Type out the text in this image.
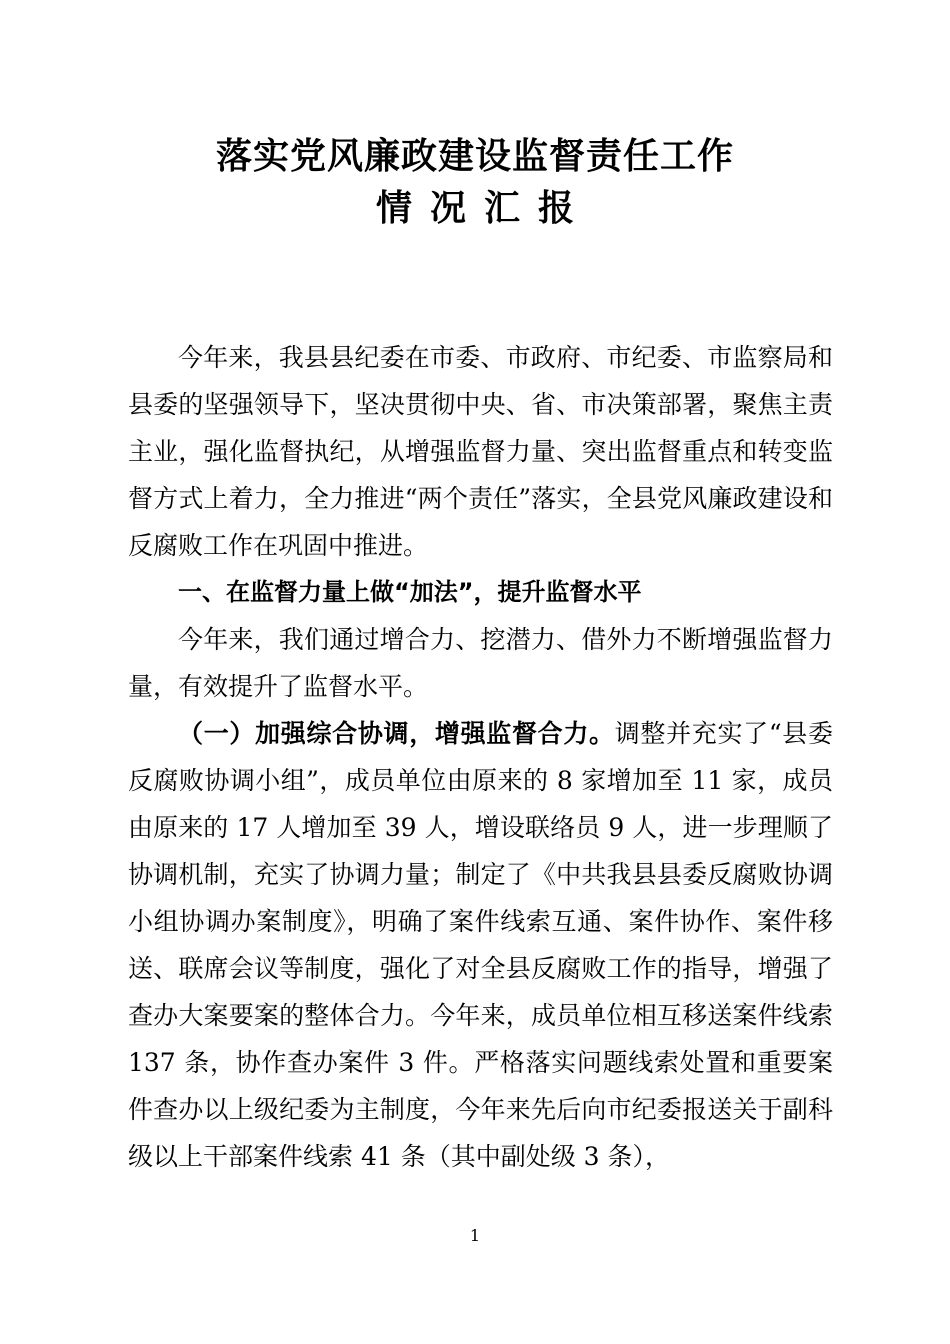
落实党风廉政建设监督责任工作
情况汇报

今年来，我县县纪委在市委、市政府、市纪委、市监察局和县委的坚强领导下，坚决贯彻中央、省、市决策部署，聚焦主责主业，强化监督执纪，从增强监督力量、突出监督重点和转变监督方式上着力，全力推进“两个责任”落实，全县党风廉政建设和反腐败工作在巩固中推进。

一、在监督力量上做“加法”，提升监督水平

今年来，我们通过增合力、挖潜力、借外力不断增强监督力量，有效提升了监督水平。

（一）加强综合协调，增强监督合力。调整并充实了“县委反腐败协调小组”，成员单位由原来的 8 家增加至 11 家，成员由原来的 17 人增加至 39 人，增设联络员 9 人，进一步理顺了协调机制，充实了协调力量；制定了《中共我县县委反腐败协调小组协调办案制度》，明确了案件线索互通、案件协作、案件移送、联席会议等制度，强化了对全县反腐败工作的指导，增强了查办大案要案的整体合力。今年来，成员单位相互移送案件线索 137 条，协作查办案件 3 件。严格落实问题线索处置和重要案件查办以上级纪委为主制度，今年来先后向市纪委报送关于副科级以上干部案件线索 41 条（其中副处级 3 条），

1
